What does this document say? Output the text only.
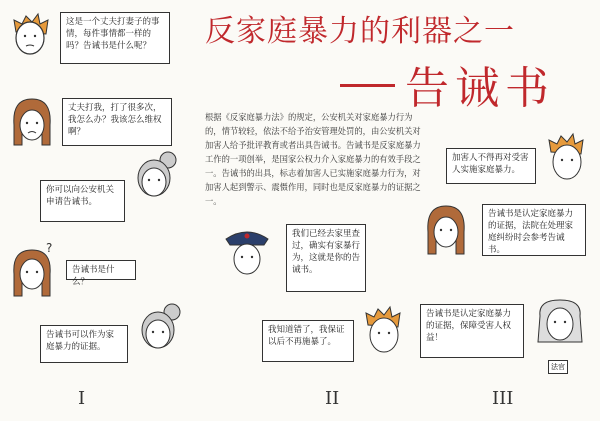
反家庭暴力的利器之一
告诫书
这是一个丈夫打妻子的事情，每件事情都一样的吗？告诫书是什么呢？
丈夫打我，打了很多次，我怎么办？我该怎么维权啊？
你可以向公安机关申请告诫书。
?
告诫书是什么？
告诫书可以作为家庭暴力的证据。
I
根据《反家庭暴力法》的规定，公安机关对家庭暴力行为的，情节较轻，依法不给予治安管理处罚的，由公安机关对加害人给予批评教育或者出具告诫书。告诫书是反家庭暴力工作的一项创举，是国家公权力介入家庭暴力的有效手段之一。告诫书的出具，标志着加害人已实施家庭暴力行为，对加害人起到警示、震慑作用，同时也是反家庭暴力的证据之一。
我们已经去家里查过，确实有家暴行为，这就是你的告诫书。
我知道错了，我保证以后不再施暴了。
II
加害人不得再对受害人实施家庭暴力。
告诫书是认定家庭暴力的证据，法院在处理家庭纠纷时会参考告诫书。
告诫书是认定家庭暴力的证据，保障受害人权益！
法官
III
